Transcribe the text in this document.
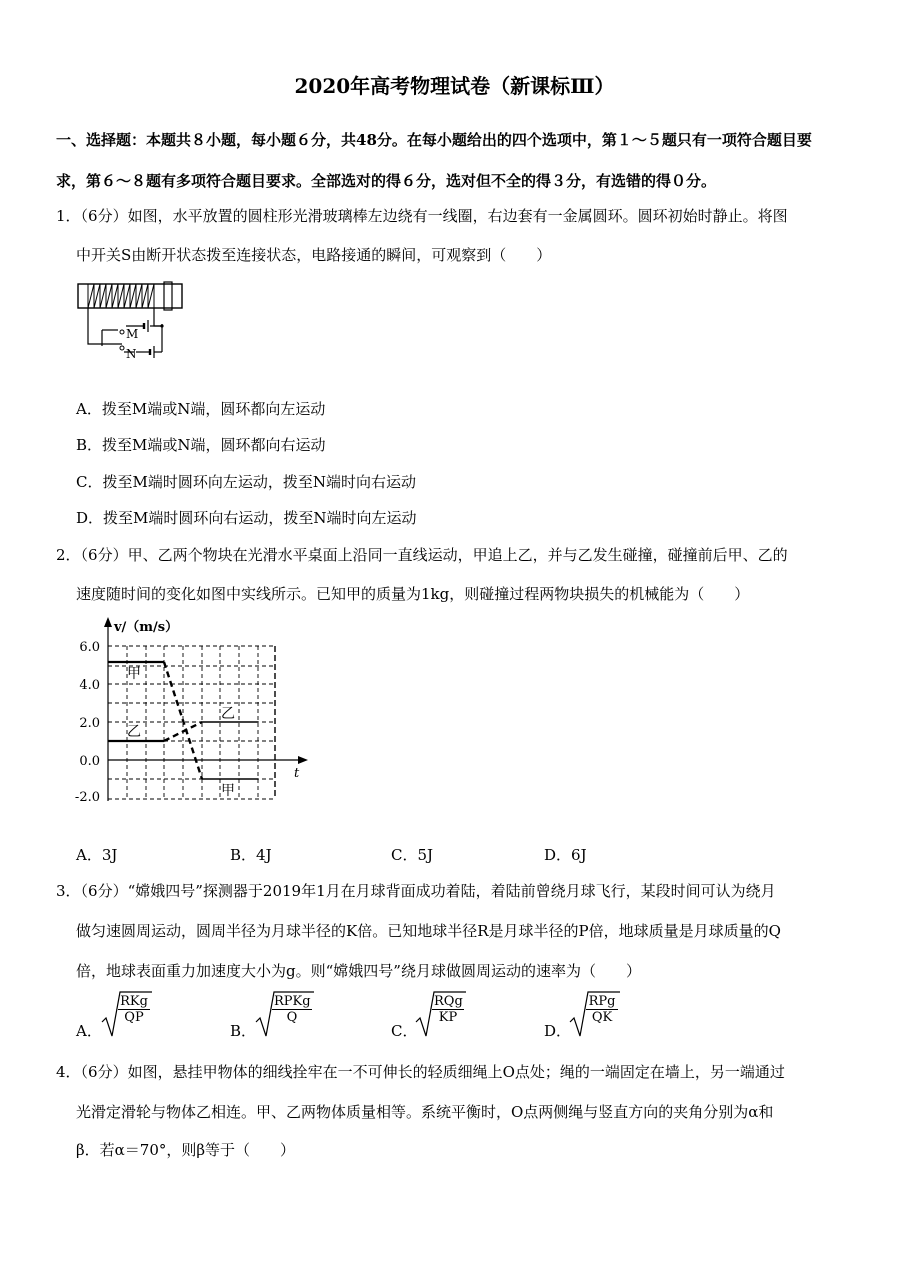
2020年高考物理试卷（新课标Ⅲ）
一、选择题：本题共８小题，每小题６分，共48分。在每小题给出的四个选项中，第１～５题只有一项符合题目要
求，第６～８题有多项符合题目要求。全部选对的得６分，选对但不全的得３分，有选错的得０分。
1．（6分）如图，水平放置的圆柱形光滑玻璃棒左边绕有一线圈，右边套有一金属圆环。圆环初始时静止。将图
中开关S由断开状态拨至连接状态，电路接通的瞬间，可观察到（　　）
M
N
A．拨至M端或N端，圆环都向左运动
B．拨至M端或N端，圆环都向右运动
C．拨至M端时圆环向左运动，拨至N端时向右运动
D．拨至M端时圆环向右运动，拨至N端时向左运动
2．（6分）甲、乙两个物块在光滑水平桌面上沿同一直线运动，甲追上乙，并与乙发生碰撞，碰撞前后甲、乙的
速度随时间的变化如图中实线所示。已知甲的质量为1kg，则碰撞过程两物块损失的机械能为（　　）
6.0
4.0
2.0
0.0
-2.0
v/（m/s）
t
甲
乙
乙
甲
A．3J	B．4J	C．5J	D．6J
3．（6分）“嫦娥四号”探测器于2019年1月在月球背面成功着陆，着陆前曾绕月球飞行，某段时间可认为绕月
做匀速圆周运动，圆周半径为月球半径的K倍。已知地球半径R是月球半径的P倍，地球质量是月球质量的Q
倍，地球表面重力加速度大小为g。则“嫦娥四号”绕月球做圆周运动的速率为（　　）
A．
RKg
QP
B．
RPKg
Q
C．
RQg
KP
D．
RPg
QK
4．（6分）如图，悬挂甲物体的细线拴牢在一不可伸长的轻质细绳上O点处；绳的一端固定在墙上，另一端通过
光滑定滑轮与物体乙相连。甲、乙两物体质量相等。系统平衡时，O点两侧绳与竖直方向的夹角分别为α和
β．若α＝70°，则β等于（　　）
